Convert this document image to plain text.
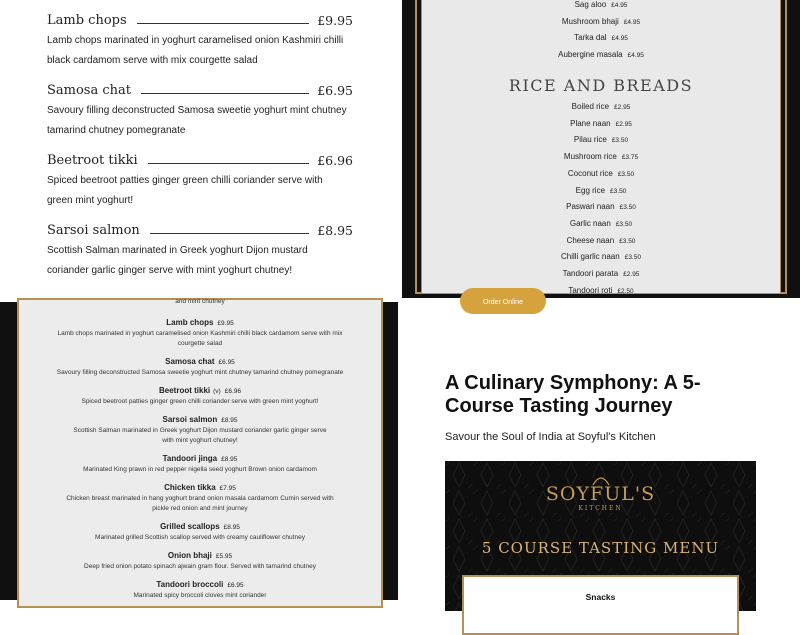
Lamb chops	£9.95
Lamb chops marinated in yoghurt caramelised onion Kashmiri chilli black cardamom serve with mix courgette salad
Samosa chat	£6.95
Savoury filling deconstructed Samosa sweetie yoghurt mint chutney tamarind chutney pomegranate
Beetroot tikki	£6.96
Spiced beetroot patties ginger green chilli coriander serve with green mint yoghurt!
Sarsoi salmon	£8.95
Scottish Salman marinated in Greek yoghurt Dijon mustard coriander garlic ginger serve with mint yoghurt chutney!
Sag aloo £4.95
Mushroom bhaji £4.95
Tarka dal £4.95
Aubergine masala £4.95
RICE AND BREADS
Boiled rice £2.95
Plane naan £2.95
Pilau rice £3.50
Mushroom rice £3.75
Coconut rice £3.50
Egg rice £3.50
Paswari naan £3.50
Garlic naan £3.50
Cheese naan £3.50
Chilli garlic naan £3.50
Tandoori parata £2.95
Tandoori roti £2.50
and mint chutney
Lamb chops £9.95
Lamb chops marinated in yoghurt caramelised onion Kashmiri chilli black cardamom serve with mix courgette salad
Samosa chat £6.95
Savoury filling deconstructed Samosa sweetie yoghurt mint chutney tamarind chutney pomegranate
Beetroot tikki (v) £6.96
Spiced beetroot patties ginger green chilli coriander serve with green mint yoghurt!
Sarsoi salmon £8.95
Scottish Salman marinated in Greek yoghurt Dijon mustard coriander garlic ginger serve with mint yoghurt chutney!
Tandoori jinga £8.95
Marinated King prawn in red pepper nigella seed yoghurt Brown onion cardamom
Chicken tikka £7.95
Chicken breast marinated in hang yoghurt brand onion masala cardamom Cumin served with pickle red onion and mint journey
Grilled scallops £8.95
Marinated grilled Scottish scallop served with creamy cauliflower chutney
Onion bhaji £5.95
Deep fried onion potato spinach ajwain gram flour. Served with tamarind chutney
Tandoori broccoli £6.95
Marinated spicy broccoli cloves mint coriander
Order Online
A Culinary Symphony: A 5-Course Tasting Journey

Savour the Soul of India at Soyful's Kitchen

SOYFUL'S
KITCHEN
5 COURSE TASTING MENU
Snacks
